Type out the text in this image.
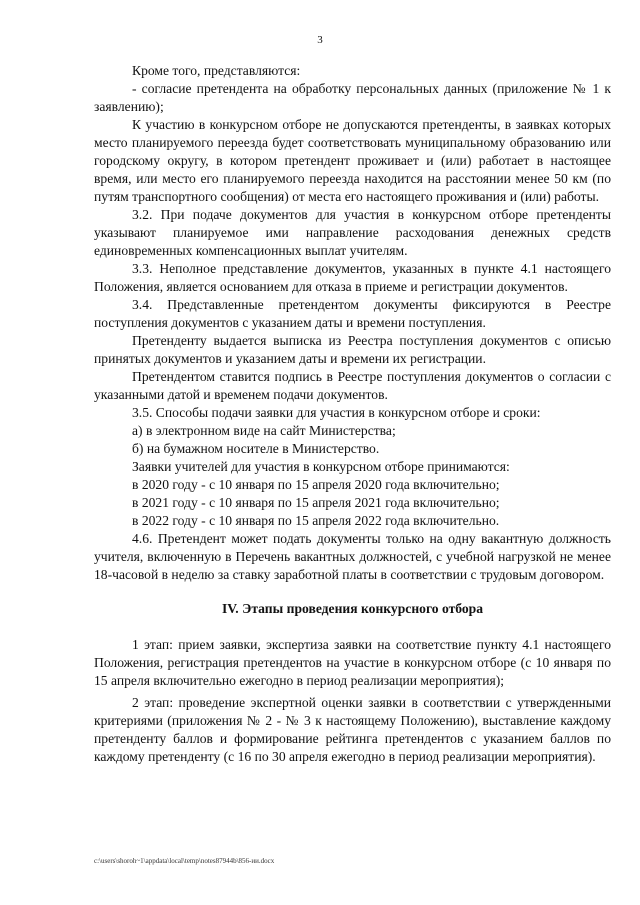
3

Кроме того, представляются:

- согласие претендента на обработку персональных данных (приложение № 1 к заявлению);

К участию в конкурсном отборе не допускаются претенденты, в заявках которых место планируемого переезда будет соответствовать муниципальному образованию или городскому округу, в котором претендент проживает и (или) работает в настоящее время, или место его планируемого переезда находится на расстоянии менее 50 км (по путям транспортного сообщения) от места его настоящего проживания и (или) работы.

3.2. При подаче документов для участия в конкурсном отборе претенденты указывают планируемое ими направление расходования денежных средств единовременных компенсационных выплат учителям.

3.3. Неполное представление документов, указанных в пункте 4.1 настоящего Положения, является основанием для отказа в приеме и регистрации документов.

3.4. Представленные претендентом документы фиксируются в Реестре поступления документов с указанием даты и времени поступления.

Претенденту выдается выписка из Реестра поступления документов с описью принятых документов и указанием даты и времени их регистрации.

Претендентом ставится подпись в Реестре поступления документов о согласии с указанными датой и временем подачи документов.

3.5. Способы подачи заявки для участия в конкурсном отборе и сроки:

а) в электронном виде на сайт Министерства;

б) на бумажном носителе в Министерство.

Заявки учителей для участия в конкурсном отборе принимаются:

в 2020 году - с 10 января по 15 апреля 2020 года включительно;

в 2021 году - с 10 января по 15 апреля 2021 года включительно;

в 2022 году - с 10 января по 15 апреля 2022 года включительно.

4.6. Претендент может подать документы только на одну вакантную должность учителя, включенную в Перечень вакантных должностей, с учебной нагрузкой не менее 18-часовой в неделю за ставку заработной платы в соответствии с трудовым договором.

IV. Этапы проведения конкурсного отбора

1 этап: прием заявки, экспертиза заявки на соответствие пункту 4.1 настоящего Положения, регистрация претендентов на участие в конкурсном отборе (с 10 января по 15 апреля включительно ежегодно в период реализации мероприятия);

2 этап: проведение экспертной оценки заявки в соответствии с утвержденными критериями (приложения № 2 - № 3 к настоящему Положению), выставление каждому претенденту баллов и формирование рейтинга претендентов с указанием баллов по каждому претенденту (с 16 по 30 апреля ежегодно в период реализации мероприятия).

c:\users\shoroh~1\appdata\local\temp\notes87944b\856-ии.docx
